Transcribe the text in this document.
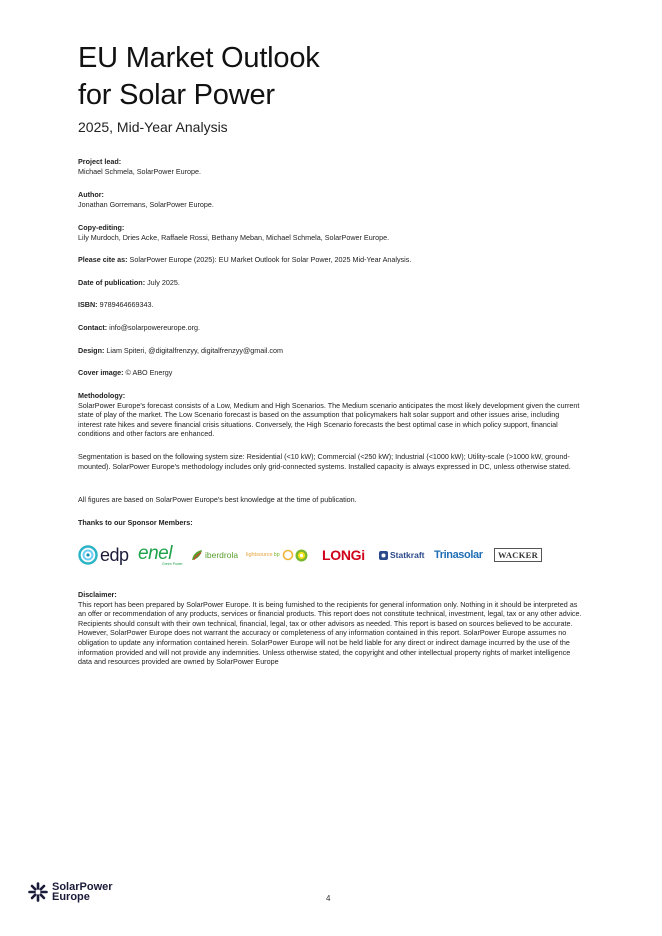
EU Market Outlook
for Solar Power
2025, Mid-Year Analysis
Project lead:
Michael Schmela, SolarPower Europe.
Author:
Jonathan Gorremans, SolarPower Europe.
Copy-editing:
Lily Murdoch, Dries Acke, Raffaele Rossi, Bethany Meban, Michael Schmela, SolarPower Europe.
Please cite as: SolarPower Europe (2025): EU Market Outlook for Solar Power, 2025 Mid-Year Analysis.
Date of publication: July 2025.
ISBN: 9789464669343.
Contact: info@solarpowereurope.org.
Design: Liam Spiteri, @digitalfrenzyy, digitalfrenzyy@gmail.com
Cover image: © ABO Energy
Methodology:
SolarPower Europe's forecast consists of a Low, Medium and High Scenarios. The Medium scenario anticipates the most likely development given the current state of play of the market. The Low Scenario forecast is based on the assumption that policymakers halt solar support and other issues arise, including interest rate hikes and severe financial crisis situations. Conversely, the High Scenario forecasts the best optimal case in which policy support, financial conditions and other factors are enhanced.
Segmentation is based on the following system size: Residential (<10 kW); Commercial (<250 kW); Industrial (<1000 kW); Utility-scale (>1000 kW, ground-mounted). SolarPower Europe's methodology includes only grid-connected systems. Installed capacity is always expressed in DC, unless otherwise stated.
All figures are based on SolarPower Europe's best knowledge at the time of publication.
Thanks to our Sponsor Members:
edp enel
Green Power
iberdrola lightsource bp	LONGi	Statkraft Trinasolar	WACKER
Disclaimer:
This report has been prepared by SolarPower Europe. It is being furnished to the recipients for general information only. Nothing in it should be interpreted as an offer or recommendation of any products, services or financial products. This report does not constitute technical, investment, legal, tax or any other advice. Recipients should consult with their own technical, financial, legal, tax or other advisors as needed. This report is based on sources believed to be accurate. However, SolarPower Europe does not warrant the accuracy or completeness of any information contained in this report. SolarPower Europe assumes no obligation to update any information contained herein. SolarPower Europe will not be held liable for any direct or indirect damage incurred by the use of the information provided and will not provide any indemnities. Unless otherwise stated, the copyright and other intellectual property rights of market intelligence data and resources provided are owned by SolarPower Europe
SolarPower
Europe	4
